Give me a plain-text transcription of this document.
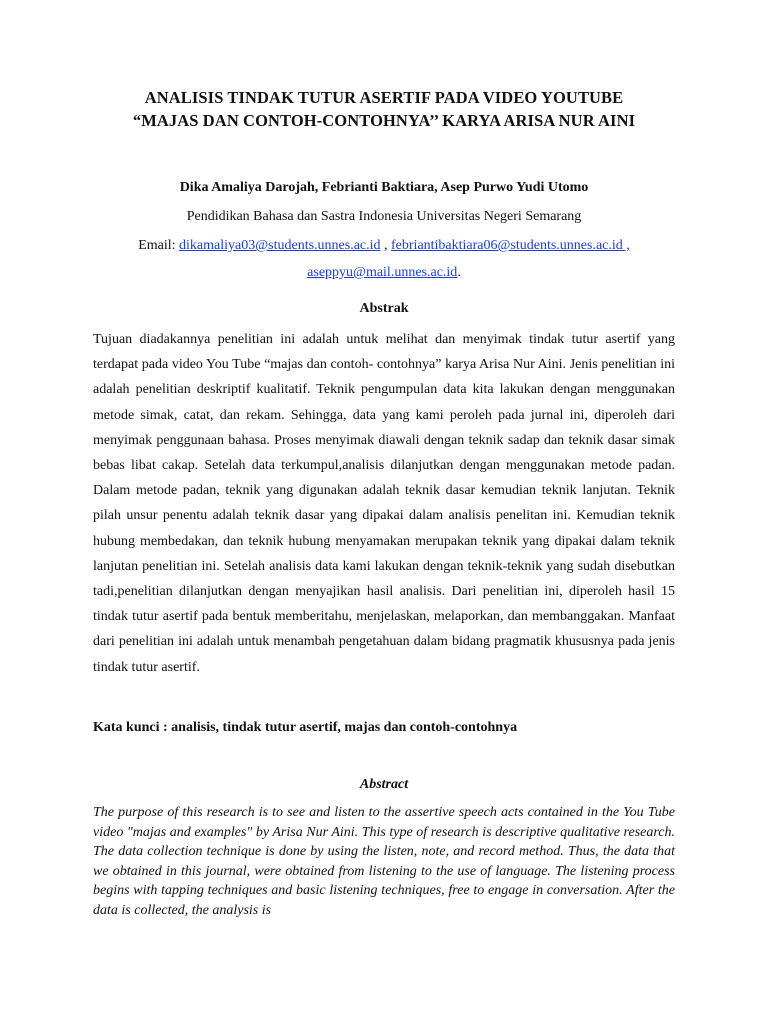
ANALISIS TINDAK TUTUR ASERTIF PADA VIDEO YOUTUBE
“MAJAS DAN CONTOH-CONTOHNYA’’ KARYA ARISA NUR AINI
Dika Amaliya Darojah, Febrianti Baktiara, Asep Purwo Yudi Utomo
Pendidikan Bahasa dan Sastra Indonesia Universitas Negeri Semarang
Email: dikamaliya03@students.unnes.ac.id , febriantibaktiara06@students.unnes.ac.id ,
aseppyu@mail.unnes.ac.id.
Abstrak

Tujuan diadakannya penelitian ini adalah untuk melihat dan menyimak tindak tutur asertif yang terdapat pada video You Tube “majas dan contoh- contohnya” karya Arisa Nur Aini. Jenis penelitian ini adalah penelitian deskriptif kualitatif. Teknik pengumpulan data kita lakukan dengan menggunakan metode simak, catat, dan rekam. Sehingga, data yang kami peroleh pada jurnal ini, diperoleh dari menyimak penggunaan bahasa. Proses menyimak diawali dengan teknik sadap dan teknik dasar simak bebas libat cakap. Setelah data terkumpul,analisis dilanjutkan dengan menggunakan metode padan. Dalam metode padan, teknik yang digunakan adalah teknik dasar kemudian teknik lanjutan. Teknik pilah unsur penentu adalah teknik dasar yang dipakai dalam analisis penelitan ini. Kemudian teknik hubung membedakan, dan teknik hubung menyamakan merupakan teknik yang dipakai dalam teknik lanjutan penelitian ini. Setelah analisis data kami lakukan dengan teknik-teknik yang sudah disebutkan tadi,penelitian dilanjutkan dengan menyajikan hasil analisis. Dari penelitian ini, diperoleh hasil 15 tindak tutur asertif pada bentuk memberitahu, menjelaskan, melaporkan, dan membanggakan. Manfaat dari penelitian ini adalah untuk menambah pengetahuan dalam bidang pragmatik khususnya pada jenis tindak tutur asertif.

Kata kunci : analisis, tindak tutur asertif, majas dan contoh-contohnya
Abstract

The purpose of this research is to see and listen to the assertive speech acts contained in the You Tube video "majas and examples" by Arisa Nur Aini. This type of research is descriptive qualitative research. The data collection technique is done by using the listen, note, and record method. Thus, the data that we obtained in this journal, were obtained from listening to the use of language. The listening process begins with tapping techniques and basic listening techniques, free to engage in conversation. After the data is collected, the analysis is
